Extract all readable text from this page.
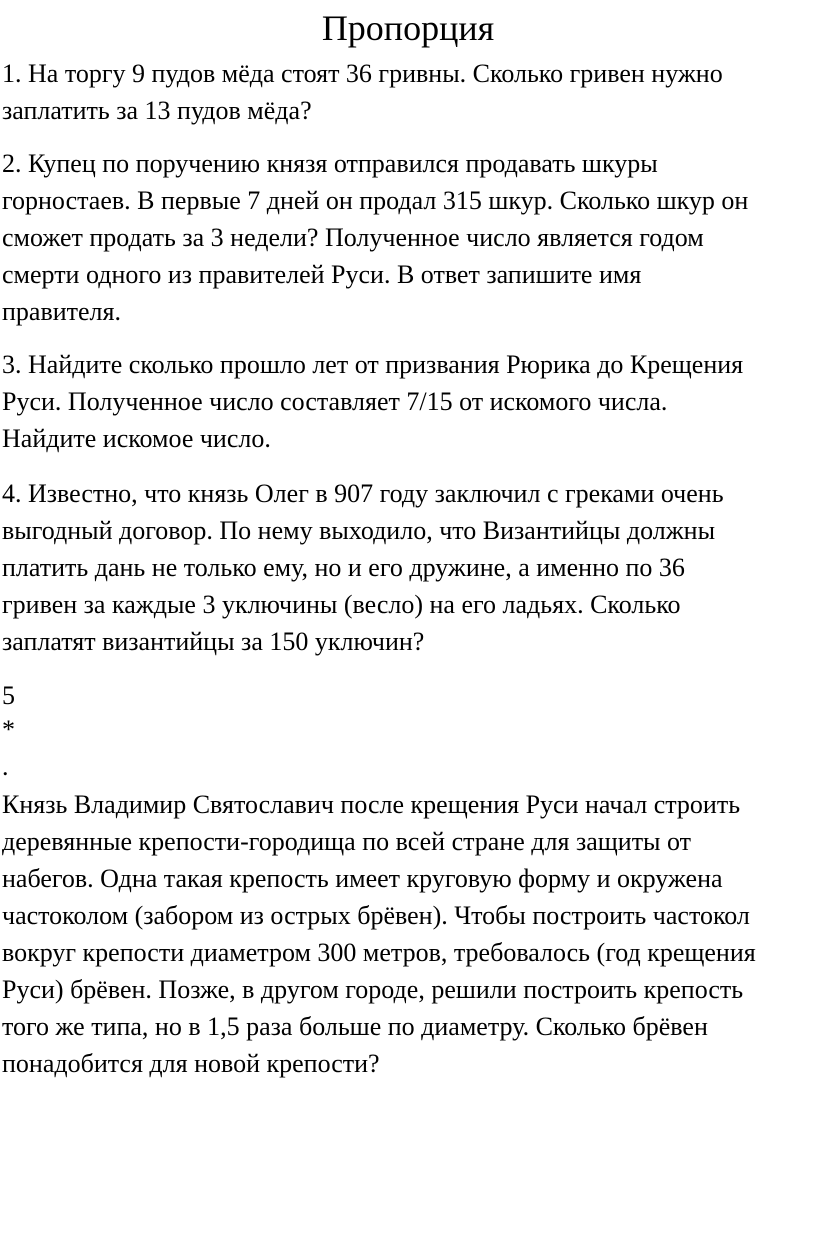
Пропорция

1. На торгу 9 пудов мёда стоят 36 гривны. Сколько гривен нужно
заплатить за 13 пудов мёда?

2. Купец по поручению князя отправился продавать шкуры
горностаев. В первые 7 дней он продал 315 шкур. Сколько шкур он
сможет продать за 3 недели? Полученное число является годом
смерти одного из правителей Руси. В ответ запишите имя
правителя.

3. Найдите сколько прошло лет от призвания Рюрика до Крещения
Руси. Полученное число составляет 7/15 от искомого числа.
Найдите искомое число.

4. Известно, что князь Олег в 907 году заключил с греками очень
выгодный договор. По нему выходило, что Византийцы должны
платить дань не только ему, но и его дружине, а именно по 36
гривен за каждые 3 уключины (весло) на его ладьях. Сколько
заплатят византийцы за 150 уключин?

5

*

.

Князь Владимир Святославич после крещения Руси начал строить
деревянные крепости-городища по всей стране для защиты от
набегов. Одна такая крепость имеет круговую форму и окружена
частоколом (забором из острых брёвен). Чтобы построить частокол
вокруг крепости диаметром 300 метров, требовалось (год крещения
Руси) брёвен. Позже, в другом городе, решили построить крепость
того же типа, но в 1,5 раза больше по диаметру. Сколько брёвен
понадобится для новой крепости?
